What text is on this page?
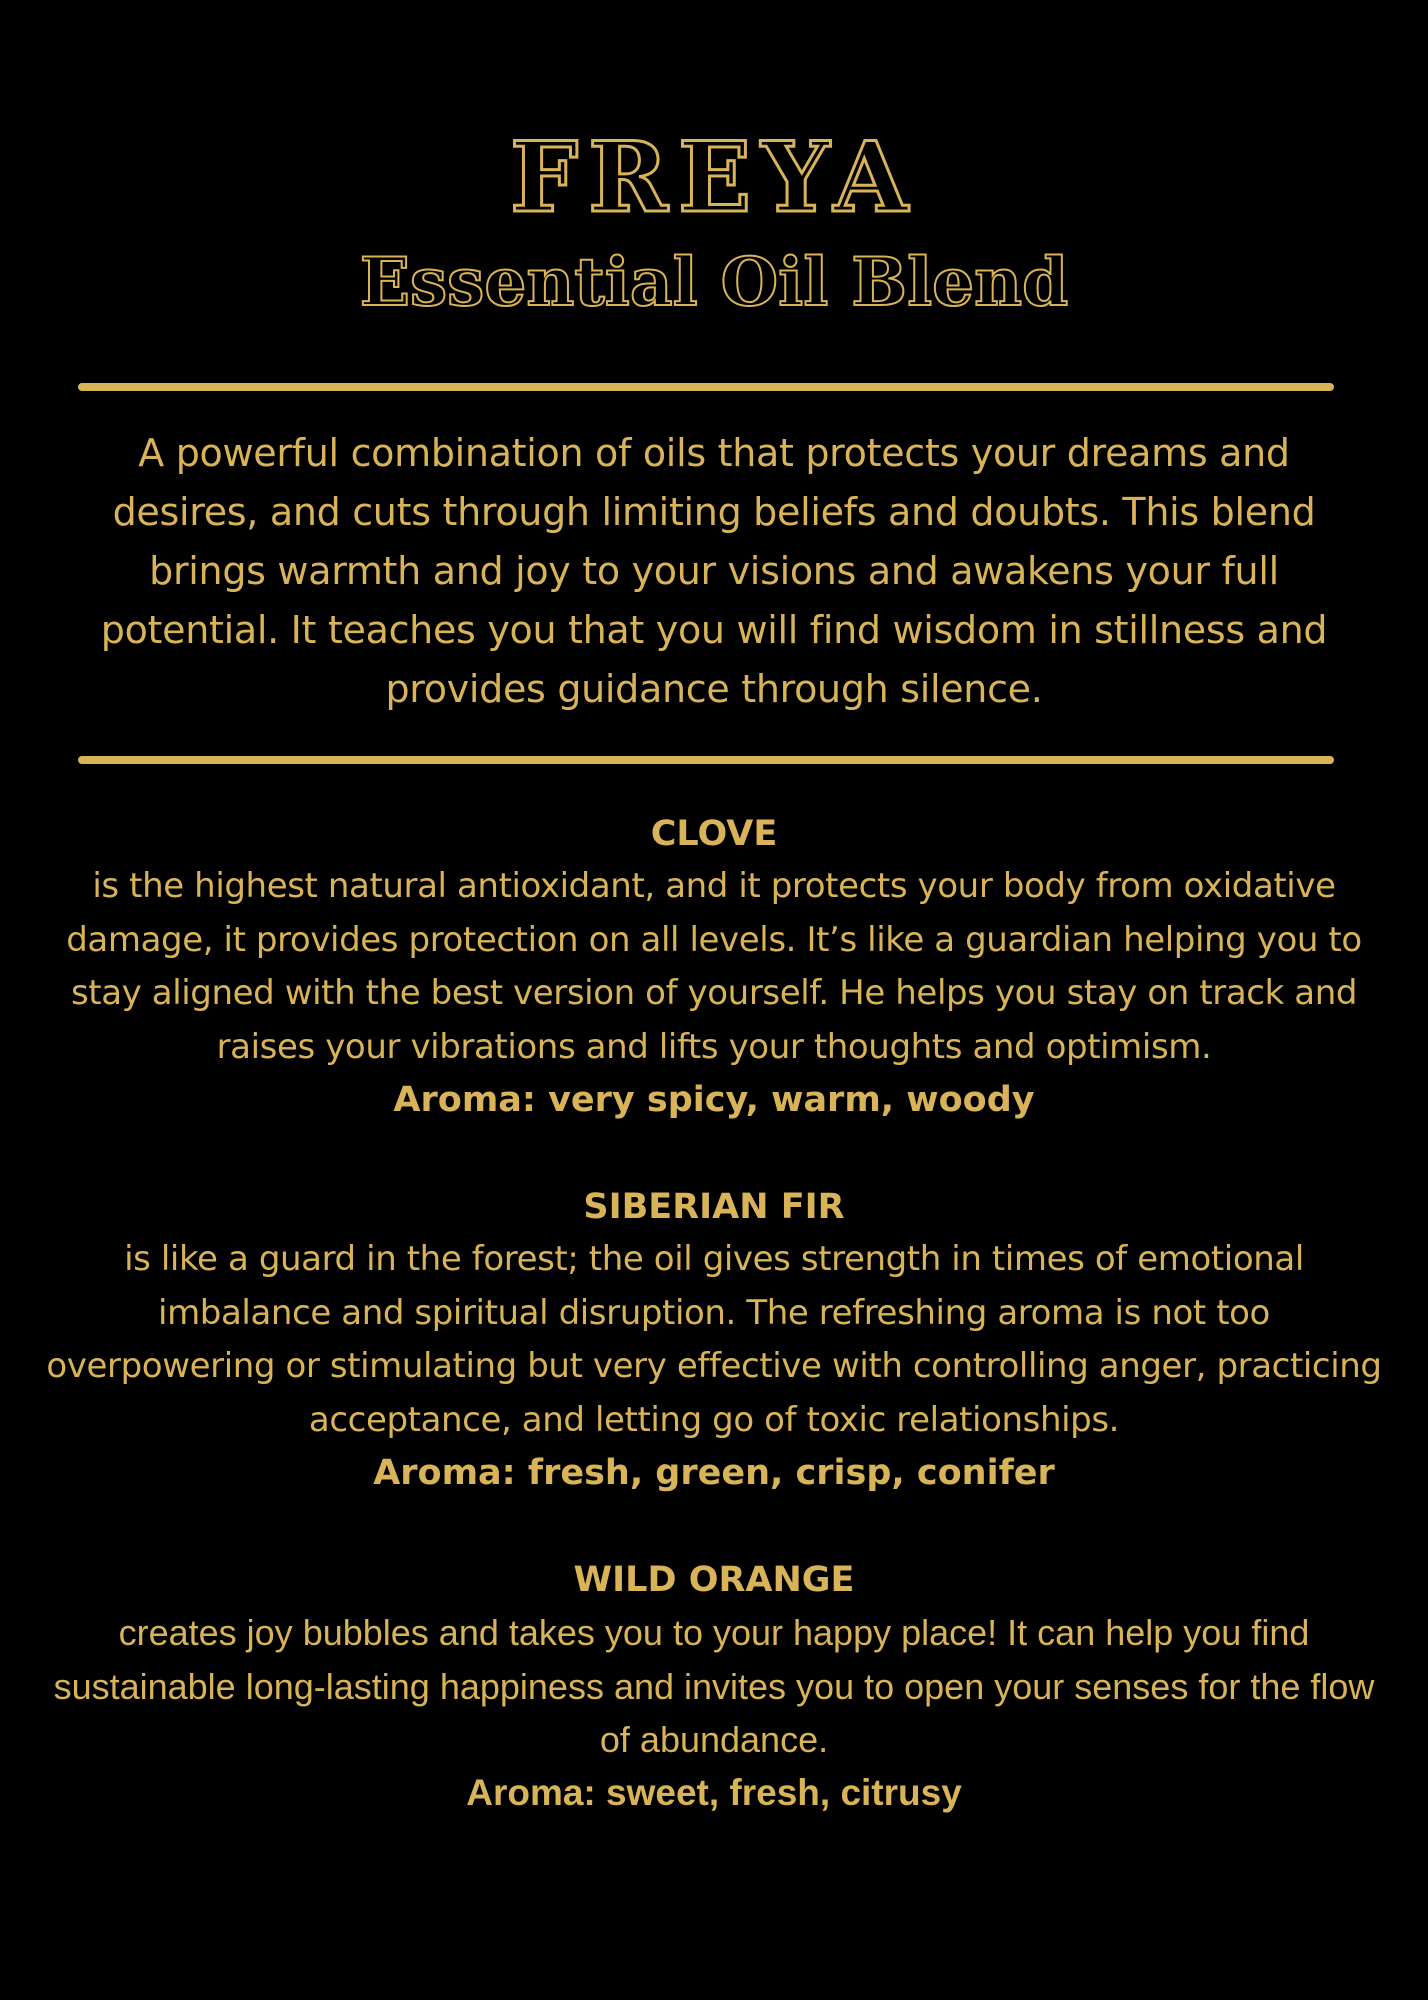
FREYA
Essential Oil Blend

A powerful combination of oils that protects your dreams and desires, and cuts through limiting beliefs and doubts. This blend brings warmth and joy to your visions and awakens your full potential. It teaches you that you will find wisdom in stillness and provides guidance through silence.

CLOVE

is the highest natural antioxidant, and it protects your body from oxidative damage, it provides protection on all levels. It’s like a guardian helping you to stay aligned with the best version of yourself. He helps you stay on track and raises your vibrations and lifts your thoughts and optimism.

Aroma: very spicy, warm, woody

SIBERIAN FIR

is like a guard in the forest; the oil gives strength in times of emotional imbalance and spiritual disruption. The refreshing aroma is not too overpowering or stimulating but very effective with controlling anger, practicing acceptance, and letting go of toxic relationships.

Aroma: fresh, green, crisp, conifer

WILD ORANGE

creates joy bubbles and takes you to your happy place! It can help you find sustainable long-lasting happiness and invites you to open your senses for the flow of abundance.

Aroma: sweet, fresh, citrusy
